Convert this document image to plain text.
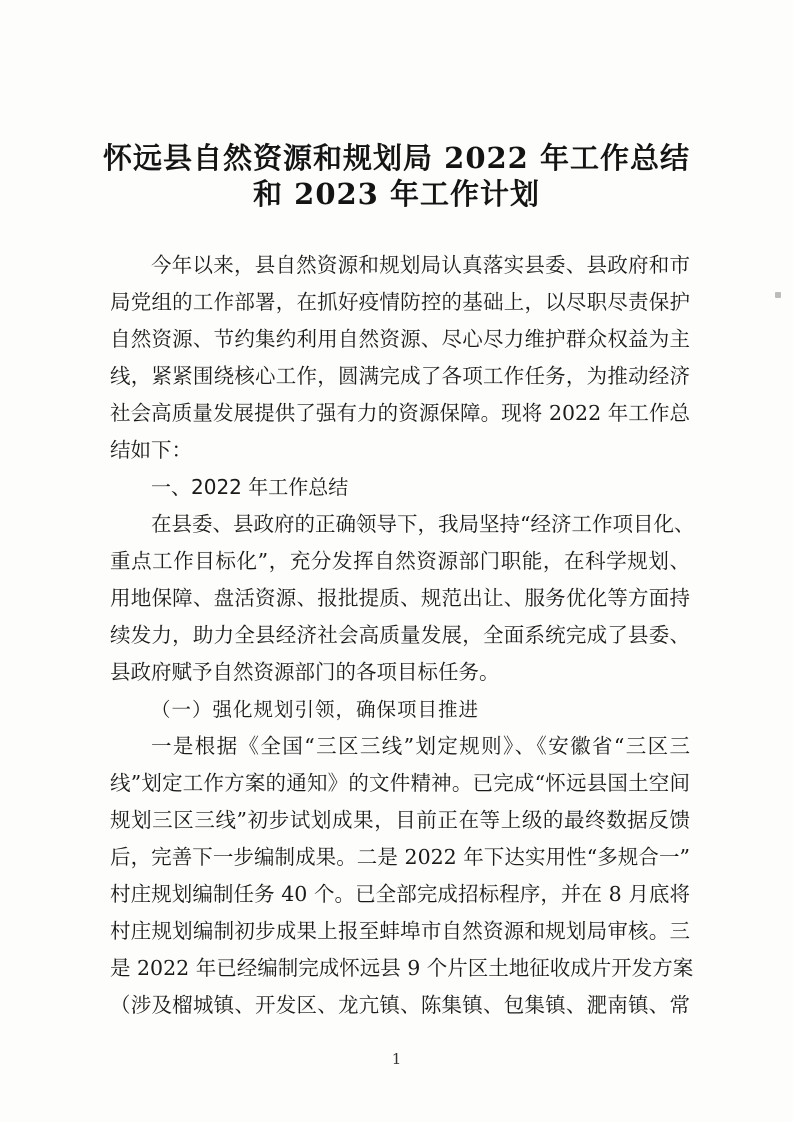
怀远县自然资源和规划局 2022 年工作总结
和 2023 年工作计划
今年以来，县自然资源和规划局认真落实县委、县政府和市
局党组的工作部署，在抓好疫情防控的基础上，以尽职尽责保护
自然资源、节约集约利用自然资源、尽心尽力维护群众权益为主
线，紧紧围绕核心工作，圆满完成了各项工作任务，为推动经济
社会高质量发展提供了强有力的资源保障。现将 2022 年工作总
结如下：
一、2022 年工作总结
在县委、县政府的正确领导下，我局坚持“经济工作项目化、
重点工作目标化”，充分发挥自然资源部门职能，在科学规划、
用地保障、盘活资源、报批提质、规范出让、服务优化等方面持
续发力，助力全县经济社会高质量发展，全面系统完成了县委、
县政府赋予自然资源部门的各项目标任务。
（一）强化规划引领，确保项目推进
一是根据《全国“三区三线”划定规则》、《安徽省“三区三
线”划定工作方案的通知》的文件精神。已完成“怀远县国土空间
规划三区三线”初步试划成果，目前正在等上级的最终数据反馈
后，完善下一步编制成果。二是 2022 年下达实用性“多规合一”
村庄规划编制任务 40 个。已全部完成招标程序，并在 8 月底将
村庄规划编制初步成果上报至蚌埠市自然资源和规划局审核。三
是 2022 年已经编制完成怀远县 9 个片区土地征收成片开发方案
（涉及榴城镇、开发区、龙亢镇、陈集镇、包集镇、淝南镇、常
1
